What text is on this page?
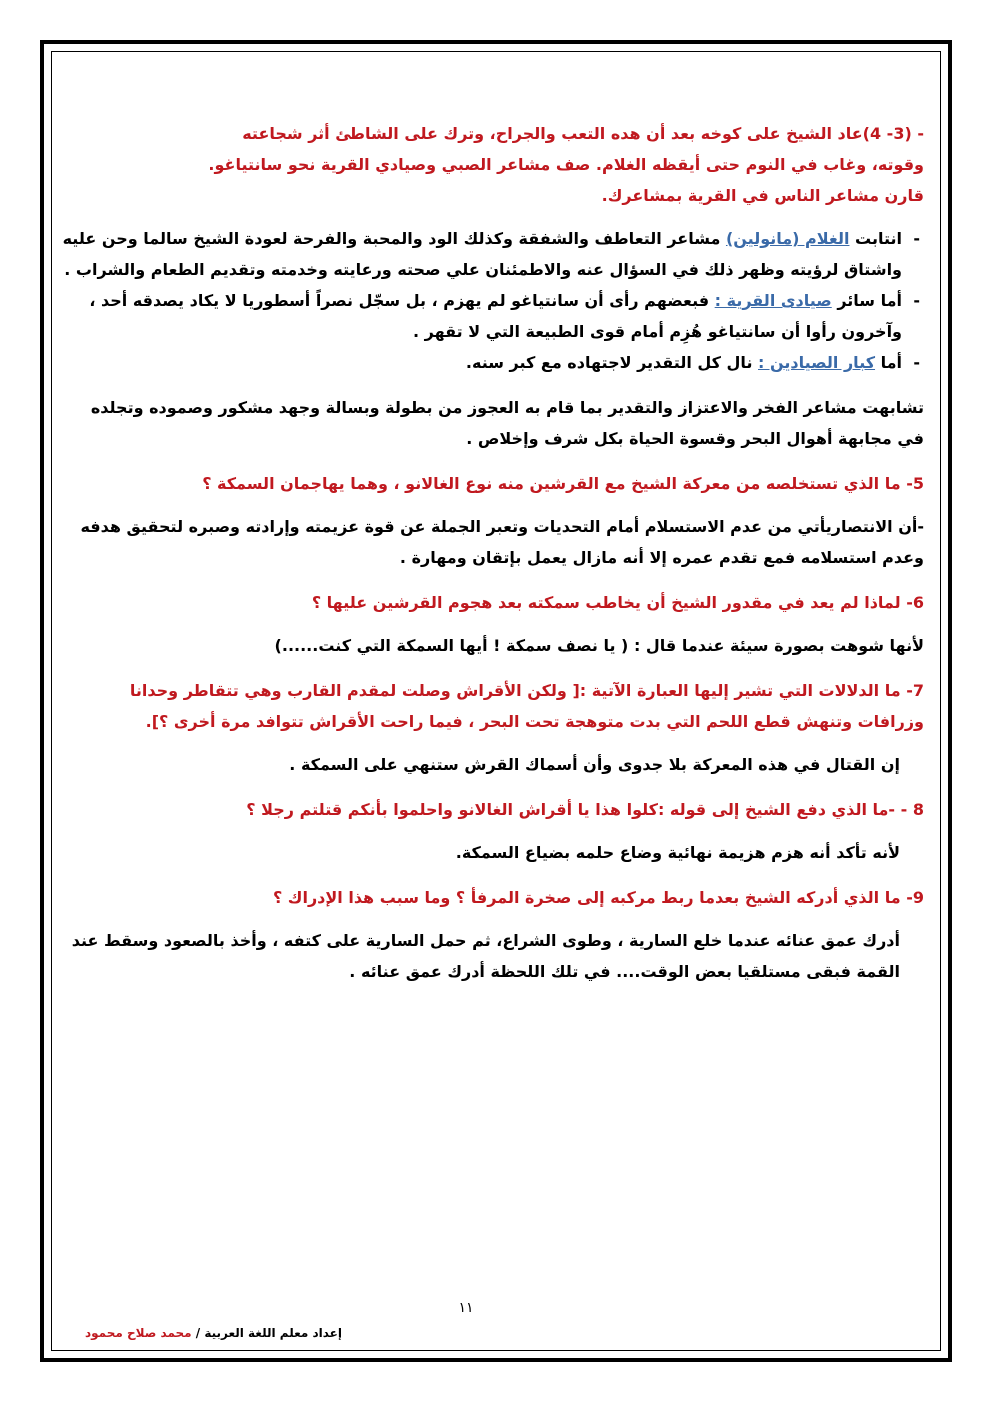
- (3- 4)عاد الشيخ على كوخه بعد أن هده التعب والجراح، وترك على الشاطئ أثر شجاعته
وقوته، وغاب في النوم حتى أيقظه الغلام. صف مشاعر الصبي وصيادي القرية نحو سانتياغو.
قارن مشاعر الناس في القرية بمشاعرك.
- انتابت الغلام (مانولين) مشاعر التعاطف والشفقة وكذلك الود والمحبة والفرحة لعودة الشيخ سالما وحن عليه واشتاق لرؤيته وظهر ذلك في السؤال عنه والاطمئنان علي صحته ورعايته وخدمته وتقديم الطعام والشراب .
- أما سائر صيادى القرية : فبعضهم رأى أن سانتياغو لم يهزم ، بل سجّل نصراً أسطوريا لا يكاد يصدقه أحد ، وآخرون رأوا أن سانتياغو هُزِم أمام قوى الطبيعة التي لا تقهر .
- أما كبار الصيادين : نال كل التقدير لاجتهاده مع كبر سنه.
تشابهت مشاعر الفخر والاعتزاز والتقدير بما قام به العجوز من بطولة وبسالة وجهد مشكور وصموده وتجلده في مجابهة أهوال البحر وقسوة الحياة بكل شرف وإخلاص .
5- ما الذي تستخلصه من معركة الشيخ مع القرشين منه نوع الغالانو ، وهما يهاجمان السمكة ؟
-أن الانتصاريأتي من عدم الاستسلام أمام التحديات وتعبر الجملة عن قوة عزيمته وإرادته وصبره لتحقيق هدفه وعدم استسلامه فمع تقدم عمره إلا أنه مازال يعمل بإتقان ومهارة .
6- لماذا لم يعد في مقدور الشيخ أن يخاطب سمكته بعد هجوم القرشين عليها ؟
لأنها شوهت بصورة سيئة عندما قال : ( يا نصف سمكة ! أيها السمكة التي كنت......)
7- ما الدلالات التي تشير إليها العبارة الآتية :[ ولكن الأقراش وصلت لمقدم القارب وهي تتقاطر وحدانا وزرافات وتنهش قطع اللحم التي بدت متوهجة تحت البحر ، فيما راحت الأقراش تتوافد مرة أخرى ؟].
إن القتال في هذه المعركة بلا جدوى وأن أسماك القرش ستنهي على السمكة .
8 - -ما الذي دفع الشيخ إلى قوله :كلوا هذا يا أقراش الغالانو واحلموا بأنكم قتلتم رجلا ؟
لأنه تأكد أنه هزم هزيمة نهائية وضاع حلمه بضياع السمكة.
9- ما الذي أدركه الشيخ بعدما ربط مركبه إلى صخرة المرفأ ؟ وما سبب هذا الإدراك ؟
أدرك عمق عنائه عندما خلع السارية ، وطوى الشراع، ثم حمل السارية على كتفه ، وأخذ بالصعود وسقط عند القمة فبقى مستلقيا بعض الوقت.... في تلك اللحظة أدرك عمق عنائه .
١١
إعداد معلم اللغة العربية / محمد صلاح محمود
